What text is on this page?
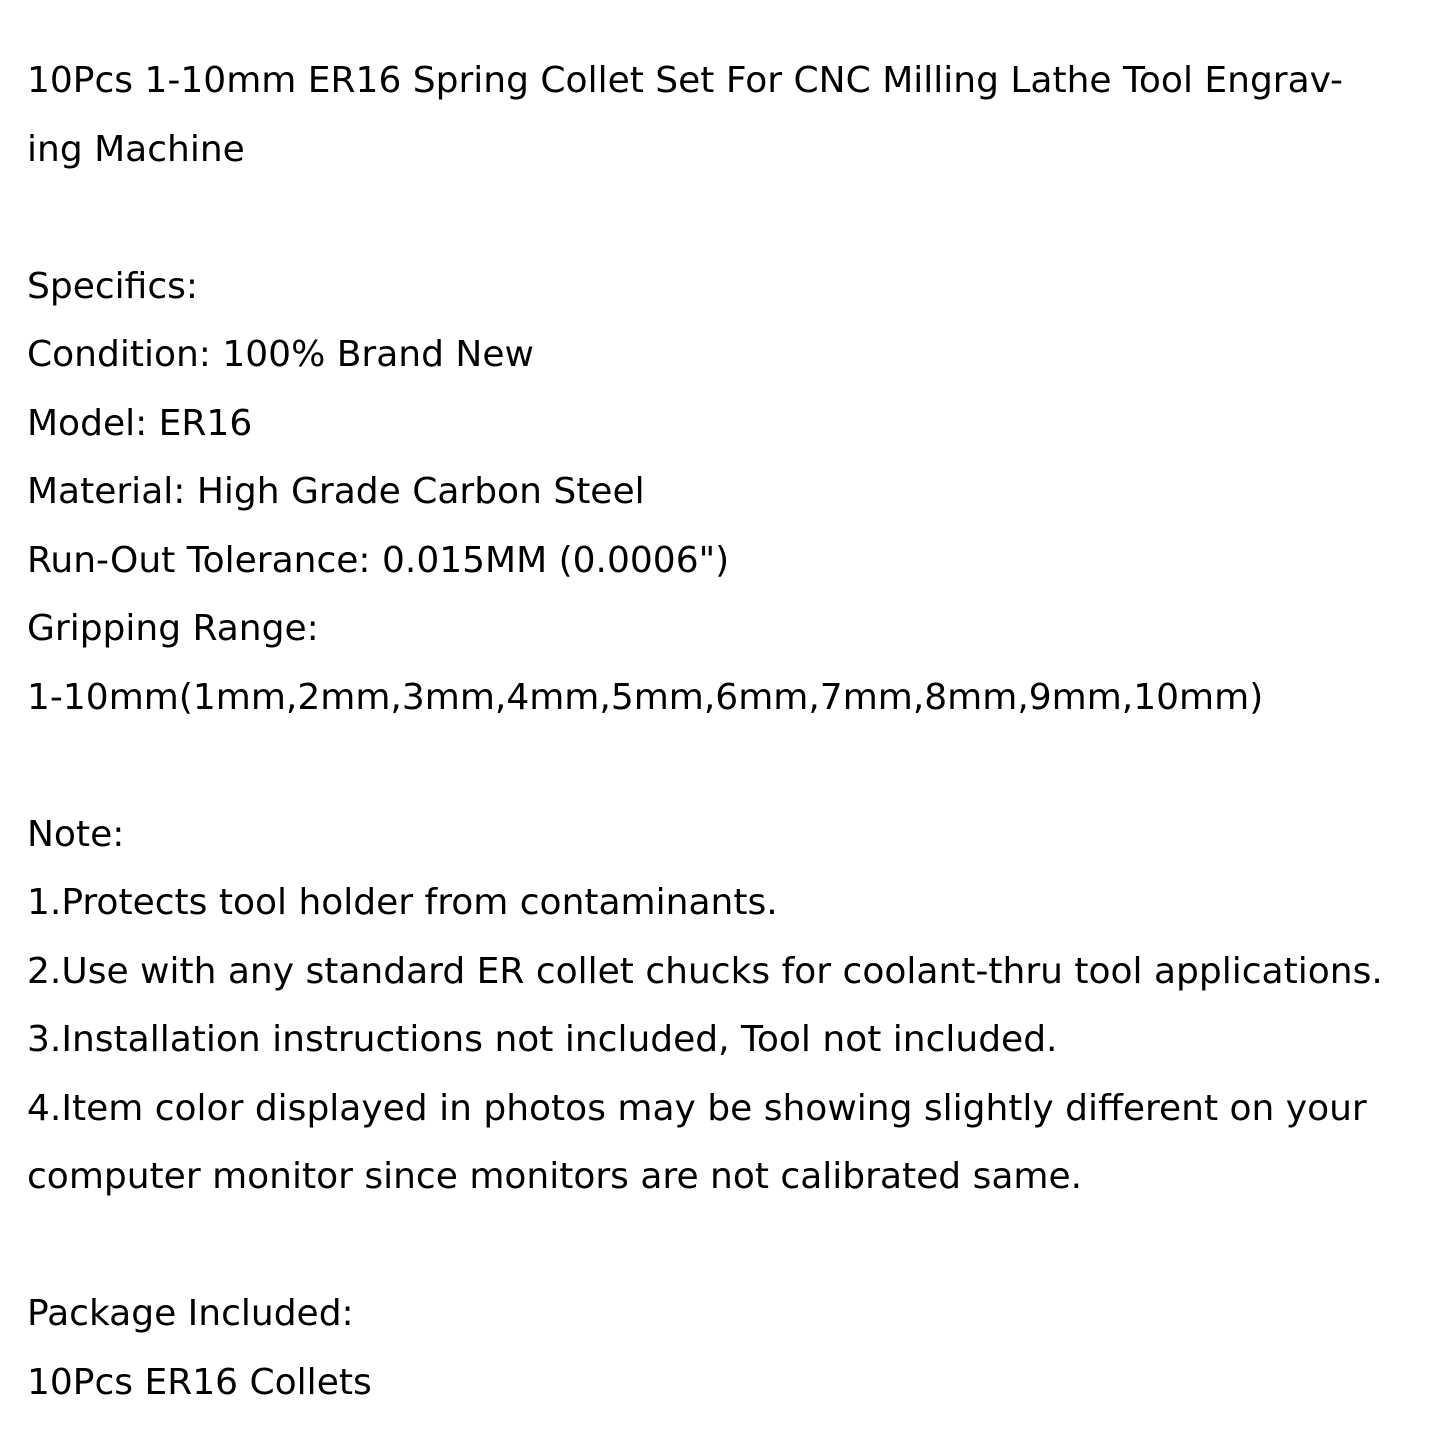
10Pcs 1-10mm ER16 Spring Collet Set For CNC Milling Lathe Tool Engrav-
ing Machine
Specifics:
Condition: 100% Brand New
Model: ER16
Material: High Grade Carbon Steel
Run-Out Tolerance: 0.015MM (0.0006")
Gripping Range:
1-10mm(1mm,2mm,3mm,4mm,5mm,6mm,7mm,8mm,9mm,10mm)
Note:
1.Protects tool holder from contaminants.
2.Use with any standard ER collet chucks for coolant-thru tool applications.
3.Installation instructions not included, Tool not included.
4.Item color displayed in photos may be showing slightly different on your
computer monitor since monitors are not calibrated same.
Package Included:
10Pcs ER16 Collets
